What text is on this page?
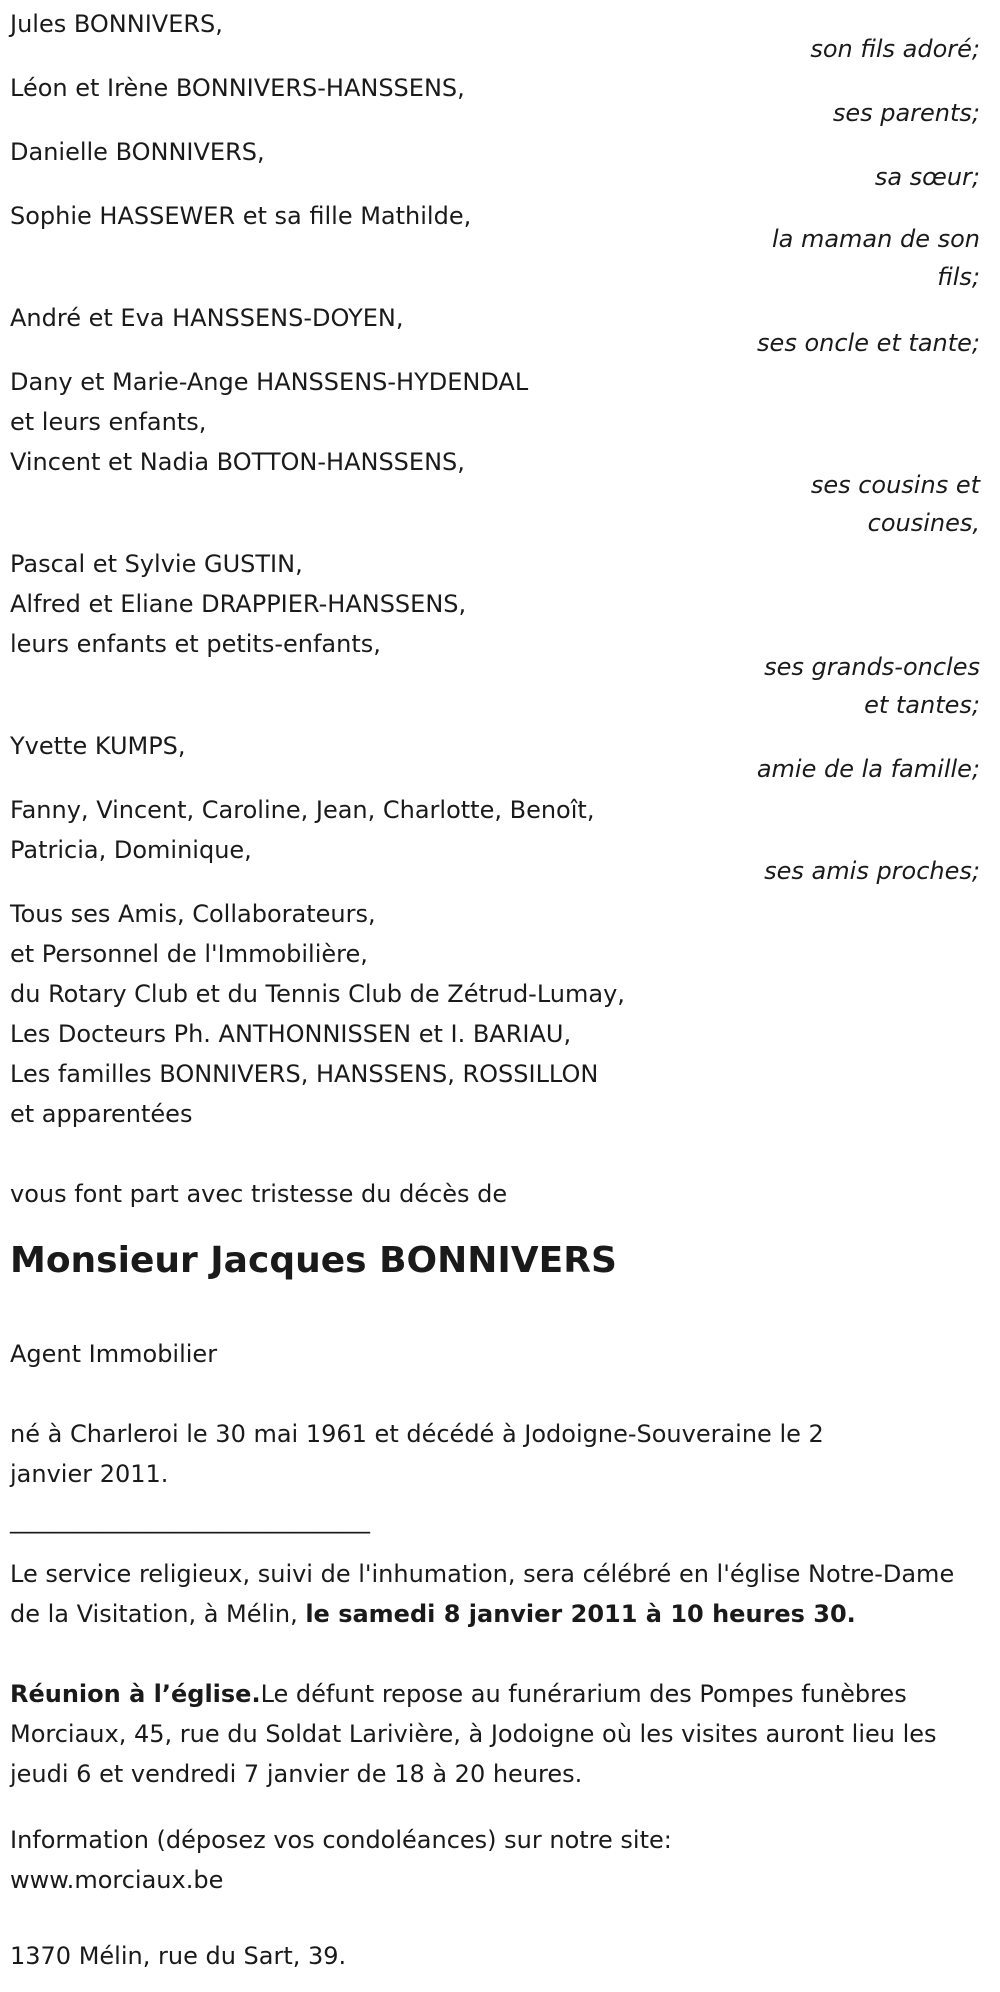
Jules BONNIVERS,
son fils adoré;
Léon et Irène BONNIVERS-HANSSENS,
ses parents;
Danielle BONNIVERS,
sa sœur;
Sophie HASSEWER et sa fille Mathilde,
la maman de son
fils;
André et Eva HANSSENS-DOYEN,
ses oncle et tante;
Dany et Marie-Ange HANSSENS-HYDENDAL
et leurs enfants,
Vincent et Nadia BOTTON-HANSSENS,
ses cousins et
cousines,
Pascal et Sylvie GUSTIN,
Alfred et Eliane DRAPPIER-HANSSENS,
leurs enfants et petits-enfants,
ses grands-oncles
et tantes;
Yvette KUMPS,
amie de la famille;
Fanny, Vincent, Caroline, Jean, Charlotte, Benoît,
Patricia, Dominique,
ses amis proches;
Tous ses Amis, Collaborateurs,
et Personnel de l'Immobilière,
du Rotary Club et du Tennis Club de Zétrud-Lumay,
Les Docteurs Ph. ANTHONNISSEN et I. BARIAU,
Les familles BONNIVERS, HANSSENS, ROSSILLON
et apparentées
vous font part avec tristesse du décès de
Monsieur Jacques BONNIVERS
Agent Immobilier
né à Charleroi le 30 mai 1961 et décédé à Jodoigne-Souveraine le 2 janvier 2011.
______________________________
Le service religieux, suivi de l'inhumation, sera célébré en l'église Notre-Dame de la Visitation, à Mélin, le samedi 8 janvier 2011 à 10 heures 30.
Réunion à l’église.Le défunt repose au funérarium des Pompes funèbres Morciaux, 45, rue du Soldat Larivière, à Jodoigne où les visites auront lieu les jeudi 6 et vendredi 7 janvier de 18 à 20 heures.
Information (déposez vos condoléances) sur notre site: www.morciaux.be
1370 Mélin, rue du Sart, 39.
